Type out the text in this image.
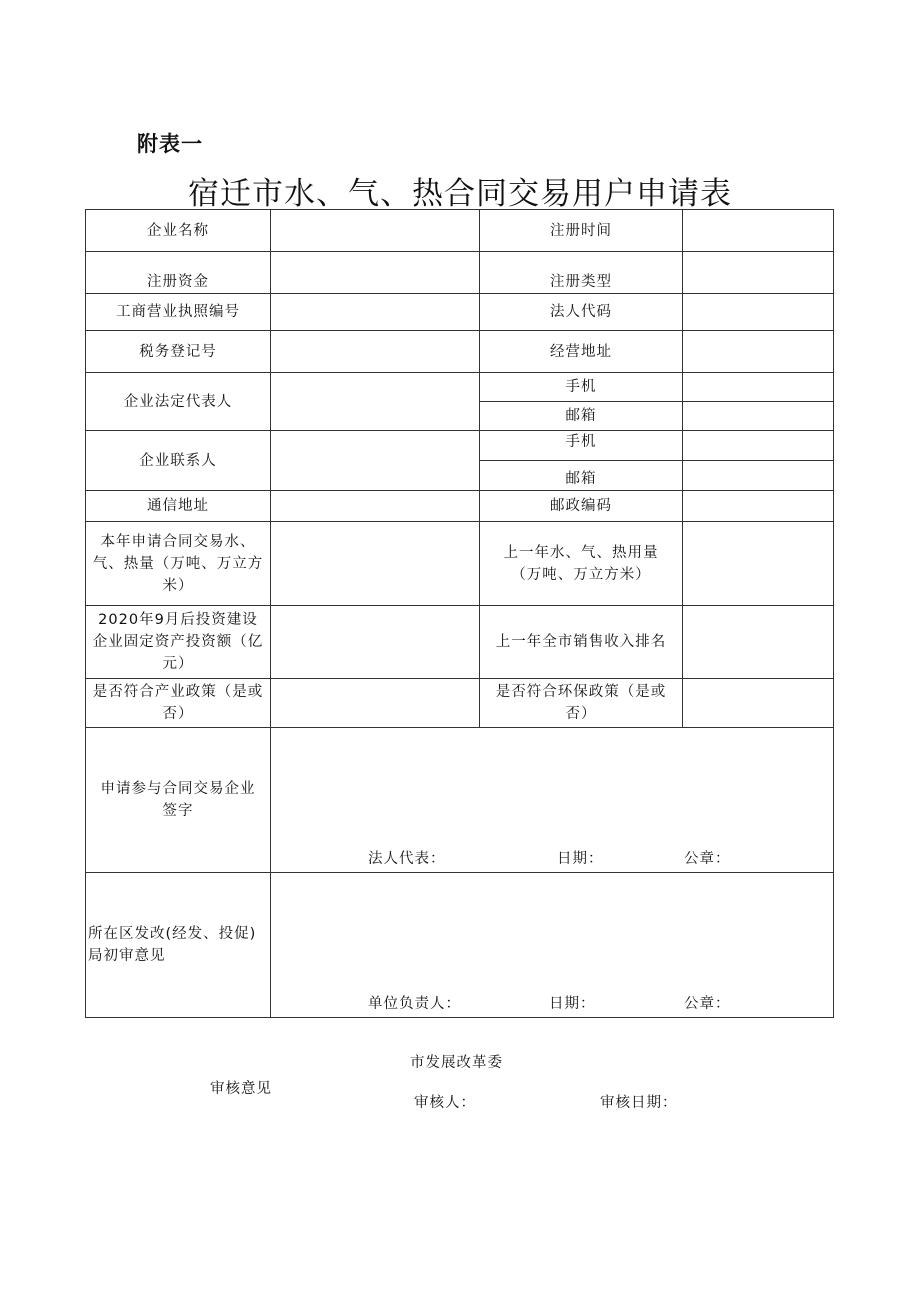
附表一
宿迁市水、气、热合同交易用户申请表
企业名称		注册时间	
注册资金		注册类型	
工商营业执照编号		法人代码	
税务登记号		经营地址	
企业法定代表人		手机	
		邮箱	
企业联系人		手机	
		邮箱	
通信地址		邮政编码	
本年申请合同交易水、气、热量（万吨、万立方米）		上一年水、气、热用量（万吨、万立方米）	
2020年9月后投资建设企业固定资产投资额（亿元）		上一年全市销售收入排名	
是否符合产业政策（是或否）		是否符合环保政策（是或否）	
申请参与合同交易企业签字	法人代表： 日期： 公章：		

所在区发改(经发、投促)局初审意见	单位负责人： 日期： 公章：		
市发展改革委
审核意见
审核人：	审核日期：
